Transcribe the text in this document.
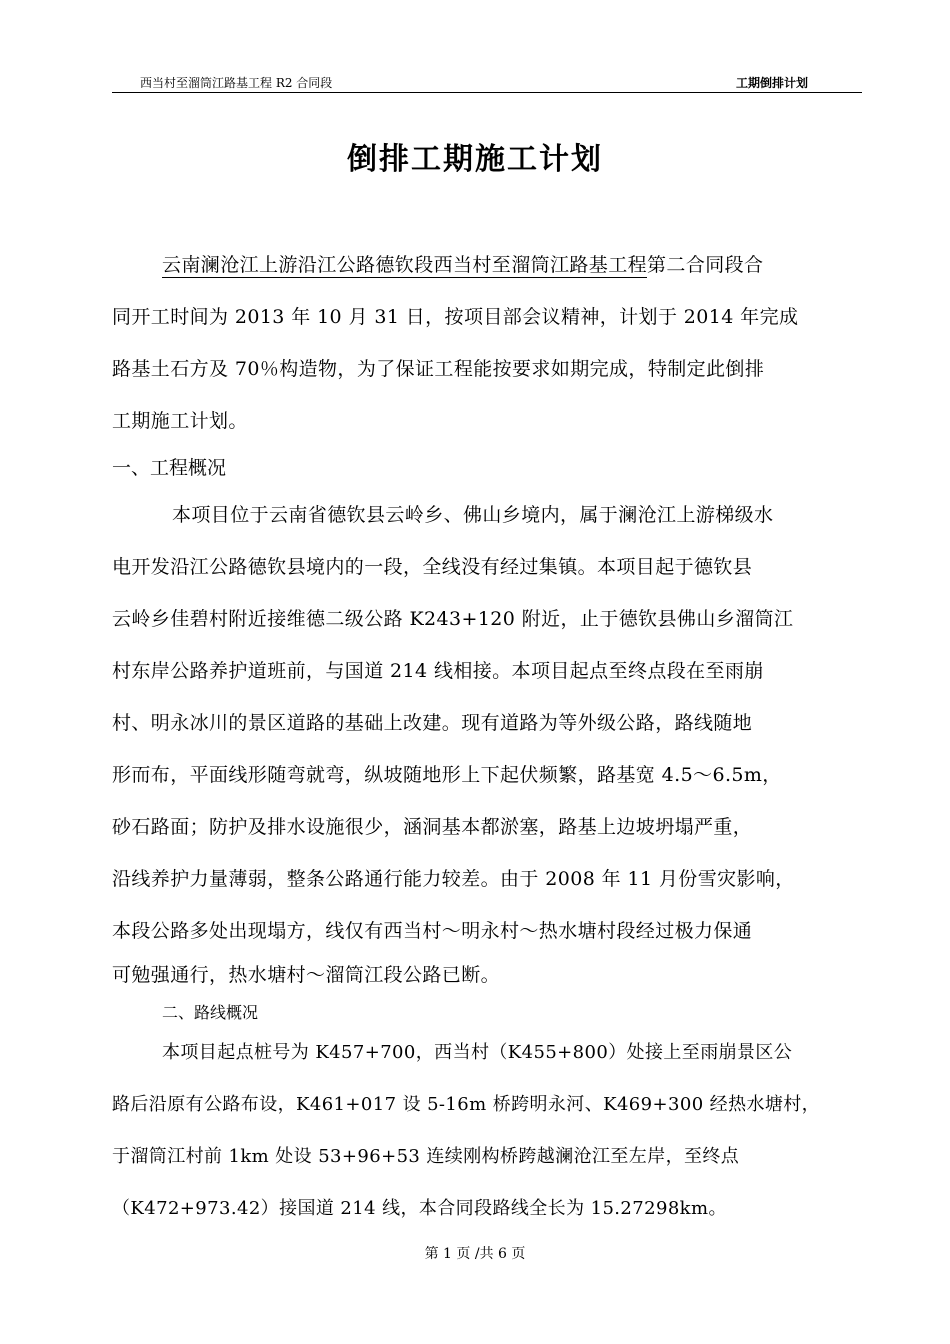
西当村至溜筒江路基工程 R2 合同段	工期倒排计划
倒排工期施工计划
云南澜沧江上游沿江公路德钦段西当村至溜筒江路基工程第二合同段合
同开工时间为 2013 年 10 月 31 日，按项目部会议精神，计划于 2014 年完成
路基土石方及 70％构造物，为了保证工程能按要求如期完成，特制定此倒排
工期施工计划。
一、工程概况
本项目位于云南省德钦县云岭乡、佛山乡境内，属于澜沧江上游梯级水
电开发沿江公路德钦县境内的一段，全线没有经过集镇。本项目起于德钦县
云岭乡佳碧村附近接维德二级公路 K243+120 附近，止于德钦县佛山乡溜筒江
村东岸公路养护道班前，与国道 214 线相接。本项目起点至终点段在至雨崩
村、明永冰川的景区道路的基础上改建。现有道路为等外级公路，路线随地
形而布，平面线形随弯就弯，纵坡随地形上下起伏频繁，路基宽 4.5～6.5m，
砂石路面；防护及排水设施很少，涵洞基本都淤塞，路基上边坡坍塌严重，
沿线养护力量薄弱，整条公路通行能力较差。由于 2008 年 11 月份雪灾影响，
本段公路多处出现塌方，线仅有西当村～明永村～热水塘村段经过极力保通
可勉强通行，热水塘村～溜筒江段公路已断。
二、路线概况
本项目起点桩号为 K457+700，西当村（K455+800）处接上至雨崩景区公
路后沿原有公路布设，K461+017 设 5-16m 桥跨明永河、K469+300 经热水塘村，
于溜筒江村前 1km 处设 53+96+53 连续刚构桥跨越澜沧江至左岸，至终点
（K472+973.42）接国道 214 线，本合同段路线全长为 15.27298km。
第 1 页 /共 6 页
